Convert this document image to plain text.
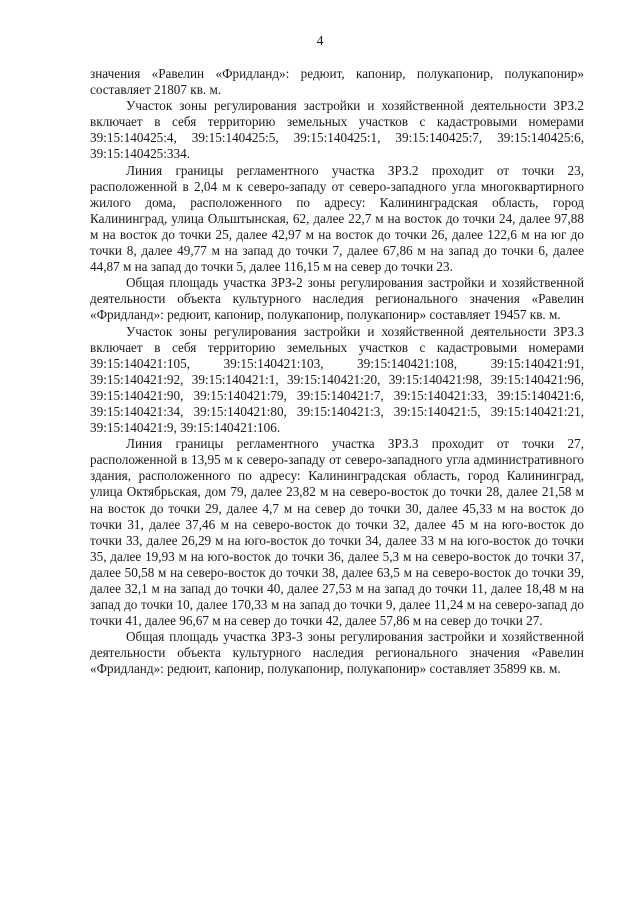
4

значения «Равелин «Фридланд»: редюит, капонир, полукапонир, полукапонир» составляет 21807 кв. м.

Участок зоны регулирования застройки и хозяйственной деятельности ЗРЗ.2 включает в себя территорию земельных участков с кадастровыми номерами 39:15:140425:4, 39:15:140425:5, 39:15:140425:1, 39:15:140425:7, 39:15:140425:6, 39:15:140425:334.

Линия границы регламентного участка ЗРЗ.2 проходит от точки 23, расположенной в 2,04 м к северо-западу от северо-западного угла многоквартирного жилого дома, расположенного по адресу: Калининградская область, город Калининград, улица Ольштынская, 62, далее 22,7 м на восток до точки 24, далее 97,88 м на восток до точки 25, далее 42,97 м на восток до точки 26, далее 122,6 м на юг до точки 8, далее 49,77 м на запад до точки 7, далее 67,86 м на запад до точки 6, далее 44,87 м на запад до точки 5, далее 116,15 м на север до точки 23.

Общая площадь участка ЗРЗ-2 зоны регулирования застройки и хозяйственной деятельности объекта культурного наследия регионального значения «Равелин «Фридланд»: редюит, капонир, полукапонир, полукапонир» составляет 19457 кв. м.

Участок зоны регулирования застройки и хозяйственной деятельности ЗРЗ.3 включает в себя территорию земельных участков с кадастровыми номерами 39:15:140421:105, 39:15:140421:103, 39:15:140421:108, 39:15:140421:91, 39:15:140421:92, 39:15:140421:1, 39:15:140421:20, 39:15:140421:98, 39:15:140421:96, 39:15:140421:90, 39:15:140421:79, 39:15:140421:7, 39:15:140421:33, 39:15:140421:6, 39:15:140421:34, 39:15:140421:80, 39:15:140421:3, 39:15:140421:5, 39:15:140421:21, 39:15:140421:9, 39:15:140421:106.

Линия границы регламентного участка ЗРЗ.3 проходит от точки 27, расположенной в 13,95 м к северо-западу от северо-западного угла административного здания, расположенного по адресу: Калининградская область, город Калининград, улица Октябрьская, дом 79, далее 23,82 м на северо-восток до точки 28, далее 21,58 м на восток до точки 29, далее 4,7 м на север до точки 30, далее 45,33 м на восток до точки 31, далее 37,46 м на северо-восток до точки 32, далее 45 м на юго-восток до точки 33, далее 26,29 м на юго-восток до точки 34, далее 33 м на юго-восток до точки 35, далее 19,93 м на юго-восток до точки 36, далее 5,3 м на северо-восток до точки 37, далее 50,58 м на северо-восток до точки 38, далее 63,5 м на северо-восток до точки 39, далее 32,1 м на запад до точки 40, далее 27,53 м на запад до точки 11, далее 18,48 м на запад до точки 10, далее 170,33 м на запад до точки 9, далее 11,24 м на северо-запад до точки 41, далее 96,67 м на север до точки 42, далее 57,86 м на север до точки 27.

Общая площадь участка ЗРЗ-3 зоны регулирования застройки и хозяйственной деятельности объекта культурного наследия регионального значения «Равелин «Фридланд»: редюит, капонир, полукапонир, полукапонир» составляет 35899 кв. м.
